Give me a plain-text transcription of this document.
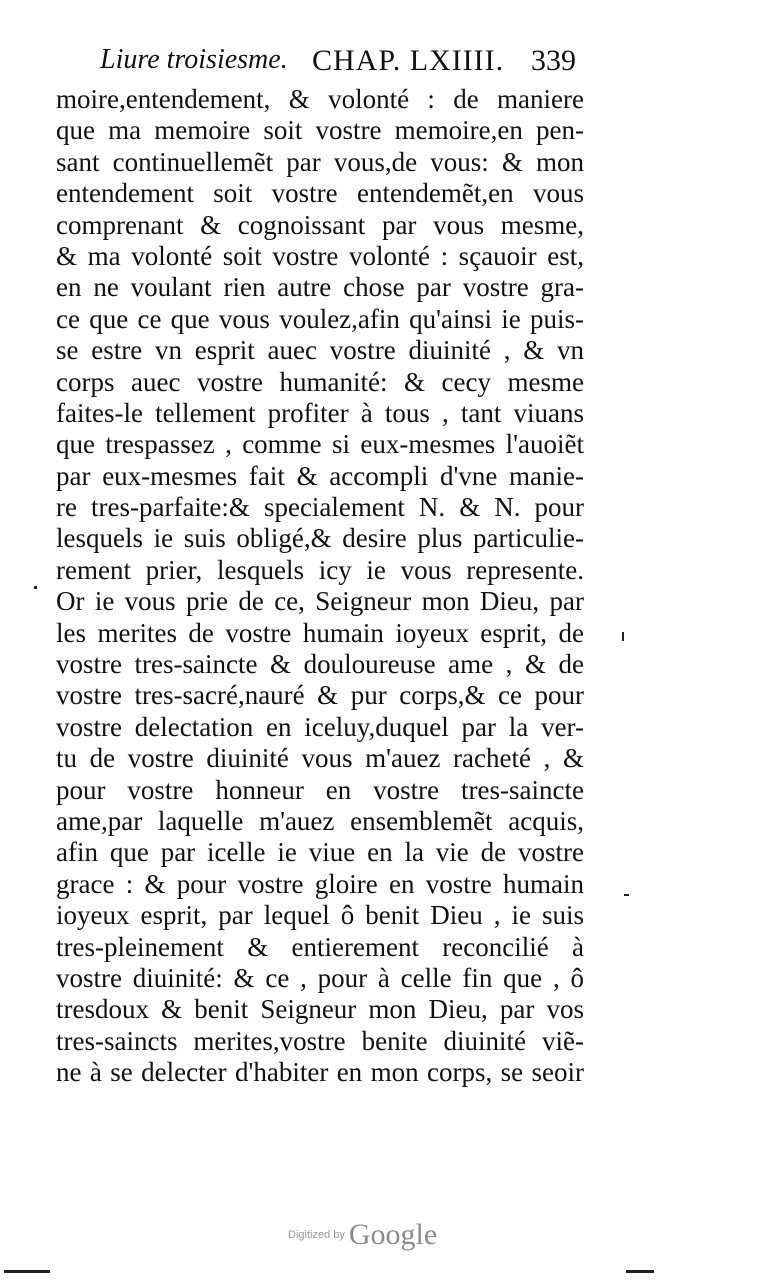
Liure troisiesme. CHAP. LXIIII. 339
moire,entendement, & volonté : de maniere
que ma memoire soit vostre memoire,en pen-
sant continuellemẽt par vous,de vous: & mon
entendement soit vostre entendemẽt,en vous
comprenant & cognoissant par vous mesme,
& ma volonté soit vostre volonté : sçauoir est,
en ne voulant rien autre chose par vostre gra-
ce que ce que vous voulez,afin qu'ainsi ie puis-
se estre vn esprit auec vostre diuinité , & vn
corps auec vostre humanité: & cecy mesme
faites-le tellement profiter à tous , tant viuans
que trespassez , comme si eux-mesmes l'auoiẽt
par eux-mesmes fait & accompli d'vne manie-
re tres-parfaite:& specialement N. & N. pour
lesquels ie suis obligé,& desire plus particulie-
rement prier, lesquels icy ie vous represente.
Or ie vous prie de ce, Seigneur mon Dieu, par
les merites de vostre humain ioyeux esprit, de
vostre tres-saincte & douloureuse ame , & de
vostre tres-sacré,nauré & pur corps,& ce pour
vostre delectation en iceluy,duquel par la ver-
tu de vostre diuinité vous m'auez racheté , &
pour vostre honneur en vostre tres-saincte
ame,par laquelle m'auez ensemblemẽt acquis,
afin que par icelle ie viue en la vie de vostre
grace : & pour vostre gloire en vostre humain
ioyeux esprit, par lequel ô benit Dieu , ie suis
tres-pleinement & entierement reconcilié à
vostre diuinité: & ce , pour à celle fin que , ô
tresdoux & benit Seigneur mon Dieu, par vos
tres-saincts merites,vostre benite diuinité viẽ-
ne à se delecter d'habiter en mon corps, se seoir
Digitized by Google
